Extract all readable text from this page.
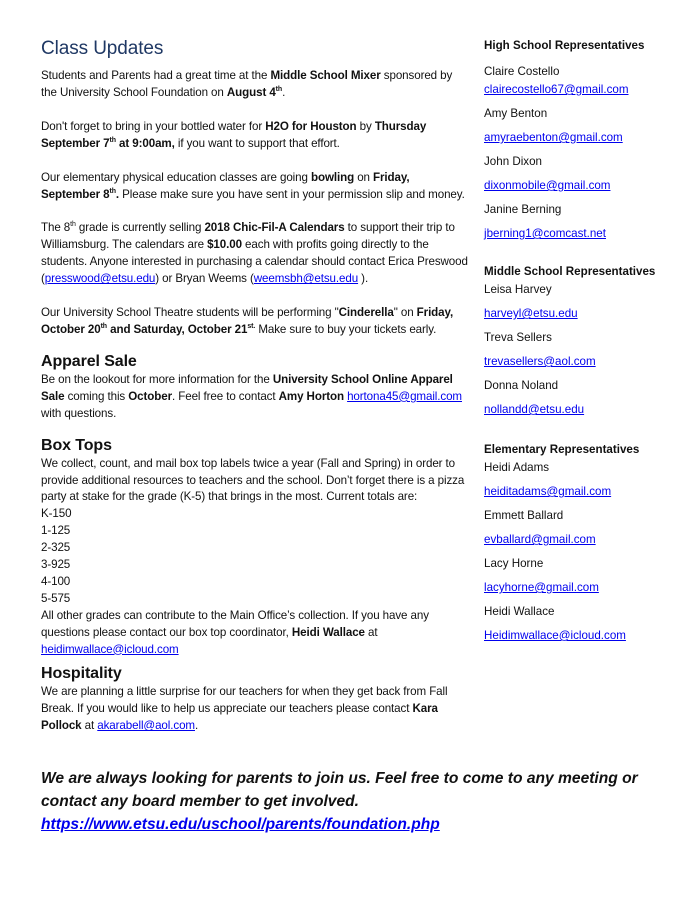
Class Updates

Students and Parents had a great time at the Middle School Mixer sponsored by the University School Foundation on August 4th.

Don't forget to bring in your bottled water for H2O for Houston by Thursday September 7th at 9:00am, if you want to support that effort.

Our elementary physical education classes are going bowling on Friday, September 8th. Please make sure you have sent in your permission slip and money.

The 8th grade is currently selling 2018 Chic-Fil-A Calendars to support their trip to Williamsburg. The calendars are $10.00 each with profits going directly to the students. Anyone interested in purchasing a calendar should contact Erica Preswood (presswood@etsu.edu) or Bryan Weems (weemsbh@etsu.edu ).

Our University School Theatre students will be performing "Cinderella" on Friday, October 20th and Saturday, October $21^{st.}$ Make sure to buy your tickets early.

Apparel Sale

Be on the lookout for more information for the University School Online Apparel Sale coming this October. Feel free to contact Amy Horton hortona45@gmail.com with questions.

Box Tops

We collect, count, and mail box top labels twice a year (Fall and Spring) in order to provide additional resources to teachers and the school. Don’t forget there is a pizza party at stake for the grade (K-5) that brings in the most. Current totals are:

K-150
1-125
2-325
3-925
4-100
5-575

All other grades can contribute to the Main Office’s collection. If you have any questions please contact our box top coordinator, Heidi Wallace at
heidimwallace@icloud.com

Hospitality

We are planning a little surprise for our teachers for when they get back from Fall Break. If you would like to help us appreciate our teachers please contact Kara Pollock at akarabell@aol.com.

High School Representatives
Claire Costello
clairecostello67@gmail.com
Amy Benton
amyraebenton@gmail.com
John Dixon
dixonmobile@gmail.com
Janine Berning
jberning1@comcast.net
Middle School Representatives
Leisa Harvey
harveyl@etsu.edu
Treva Sellers
trevasellers@aol.com
Donna Noland
nollandd@etsu.edu
Elementary Representatives
Heidi Adams
heiditadams@gmail.com
Emmett Ballard
evballard@gmail.com
Lacy Horne
lacyhorne@gmail.com
Heidi Wallace
Heidimwallace@icloud.com
We are always looking for parents to join us. Feel free to come to any meeting or contact any board member to get involved.
https://www.etsu.edu/uschool/parents/foundation.php
